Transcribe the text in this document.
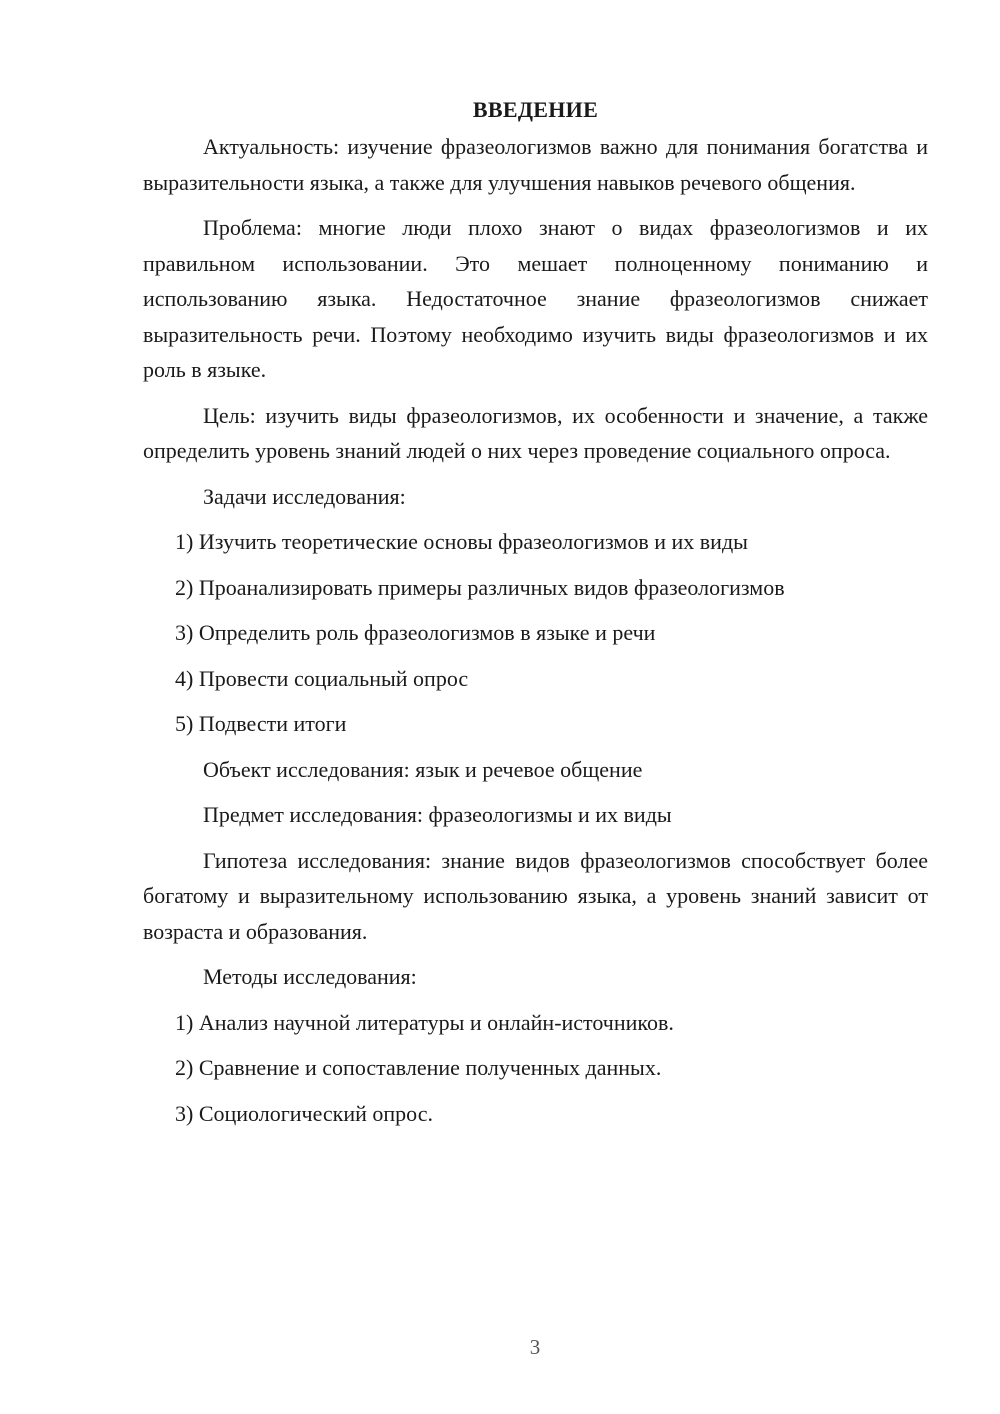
ВВЕДЕНИЕ

Актуальность: изучение фразеологизмов важно для понимания богатства и выразительности языка, а также для улучшения навыков речевого общения.

Проблема: многие люди плохо знают о видах фразеологизмов и их правильном использовании. Это мешает полноценному пониманию и использованию языка. Недостаточное знание фразеологизмов снижает выразительность речи. Поэтому необходимо изучить виды фразеологизмов и их роль в языке.

Цель: изучить виды фразеологизмов, их особенности и значение, а также определить уровень знаний людей о них через проведение социального опроса.

Задачи исследования:

1) Изучить теоретические основы фразеологизмов и их виды

2) Проанализировать примеры различных видов фразеологизмов

3) Определить роль фразеологизмов в языке и речи

4) Провести социальный опрос

5) Подвести итоги

Объект исследования: язык и речевое общение

Предмет исследования: фразеологизмы и их виды

Гипотеза исследования: знание видов фразеологизмов способствует более богатому и выразительному использованию языка, а уровень знаний зависит от возраста и образования.

Методы исследования:

1) Анализ научной литературы и онлайн-источников.

2) Сравнение и сопоставление полученных данных.

3) Социологический опрос.

3
